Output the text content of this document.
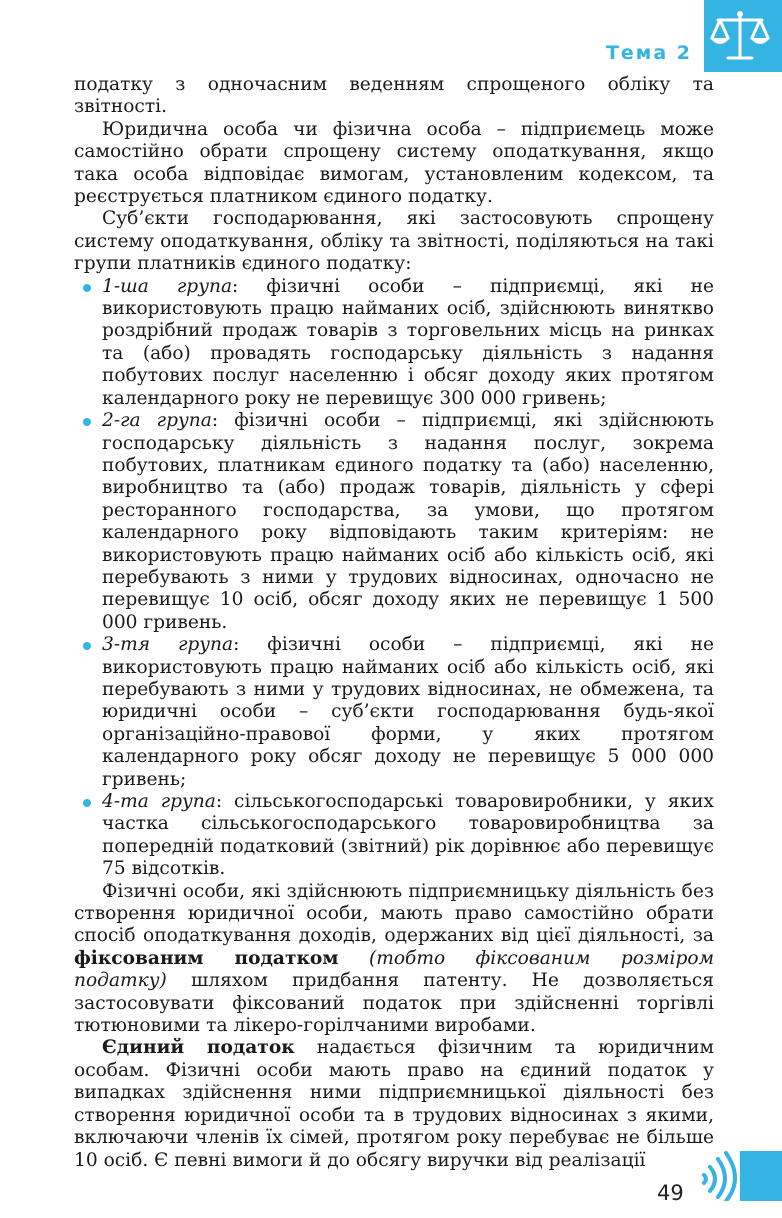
Тема 2

податку з одночасним веденням спрощеного обліку та звітності.

Юридична особа чи фізична особа – підприємець може самостійно обрати спрощену систему оподаткування, якщо така особа відповідає вимогам, установленим кодексом, та реєструється платником єдиного податку.

Суб’єкти господарювання, які застосовують спрощену систему оподаткування, обліку та звітності, поділяються на такі групи платників єдиного податку:

1-ша група: фізичні особи – підприємці, які не використовують працю найманих осіб, здійснюють виняткво роздрібний продаж товарів з торговельних місць на ринках та (або) провадять господарську діяльність з надання побутових послуг населенню і обсяг доходу яких протягом календарного року не перевищує 300 000 гривень;
2-га група: фізичні особи – підприємці, які здійснюють господарську діяльність з надання послуг, зокрема побутових, платникам єдиного податку та (або) населенню, виробництво та (або) продаж товарів, діяльність у сфері ресторанного господарства, за умови, що протягом календарного року відповідають таким критеріям: не використовують працю найманих осіб або кількість осіб, які перебувають з ними у трудових відносинах, одночасно не перевищує 10 осіб, обсяг доходу яких не перевищує 1 500 000 гривень.
3-тя група: фізичні особи – підприємці, які не використовують працю найманих осіб або кількість осіб, які перебувають з ними у трудових відносинах, не обмежена, та юридичні особи – суб’єкти господарювання будь-якої організаційно-правової форми, у яких протягом календарного року обсяг доходу не перевищує 5 000 000 гривень;
4-та група: сільськогосподарські товаровиробники, у яких частка сільськогосподарського товаровиробництва за попередній податковий (звітний) рік дорівнює або перевищує 75 відсотків.

Фізичні особи, які здійснюють підприємницьку діяльність без створення юридичної особи, мають право самостійно обрати спосіб оподаткування доходів, одержаних від цієї діяльності, за фіксованим податком (тобто фіксованим розміром податку) шляхом придбання патенту. Не дозволяється застосовувати фіксований податок при здійсненні торгівлі тютюновими та лікеро-горілчаними виробами.

Єдиний податок надається фізичним та юридичним особам. Фізичні особи мають право на єдиний податок у випадках здійснення ними підприємницької діяльності без створення юридичної особи та в трудових відносинах з якими, включаючи членів їх сімей, протягом року перебуває не більше 10 осіб. Є певні вимоги й до обсягу виручки від реалізації

49
